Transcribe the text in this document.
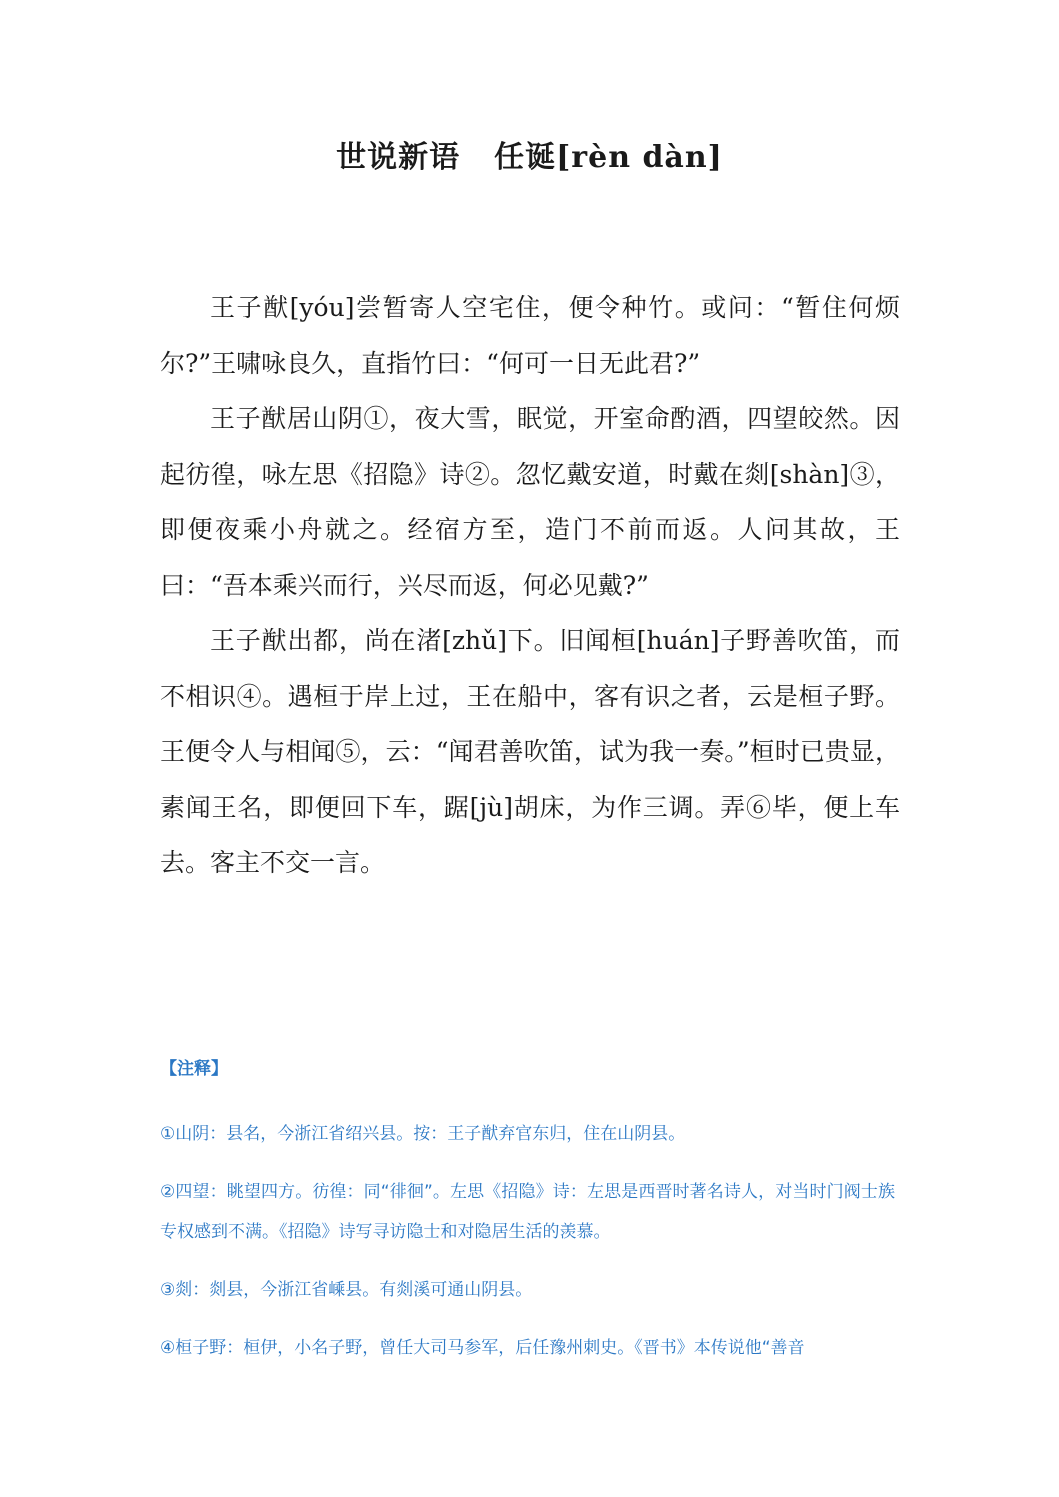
世说新语 任诞[rèn dàn]

王子猷[yóu]尝暂寄人空宅住，便令种竹。或问：“暂住何烦尔?”王啸咏良久，直指竹曰：“何可一日无此君?”

王子猷居山阴①，夜大雪，眠觉，开室命酌酒，四望皎然。因起彷徨，咏左思《招隐》诗②。忽忆戴安道，时戴在剡[shàn]③，即便夜乘小舟就之。经宿方至，造门不前而返。人问其故，王曰：“吾本乘兴而行，兴尽而返，何必见戴?”

王子猷出都，尚在渚[zhǔ]下。旧闻桓[huán]子野善吹笛，而不相识④。遇桓于岸上过，王在船中，客有识之者，云是桓子野。王便令人与相闻⑤，云：“闻君善吹笛，试为我一奏。”桓时已贵显，素闻王名，即便回下车，踞[jù]胡床，为作三调。弄⑥毕，便上车去。客主不交一言。

【注释】
①山阴：县名，今浙江省绍兴县。按：王子猷弃官东归，住在山阴县。
②四望：眺望四方。彷徨：同“徘徊”。左思《招隐》诗：左思是西晋时著名诗人，对当时门阀士族专权感到不满。《招隐》诗写寻访隐士和对隐居生活的羡慕。
③剡：剡县，今浙江省嵊县。有剡溪可通山阴县。
④桓子野：桓伊，小名子野，曾任大司马参军，后任豫州刺史。《晋书》本传说他“善音
